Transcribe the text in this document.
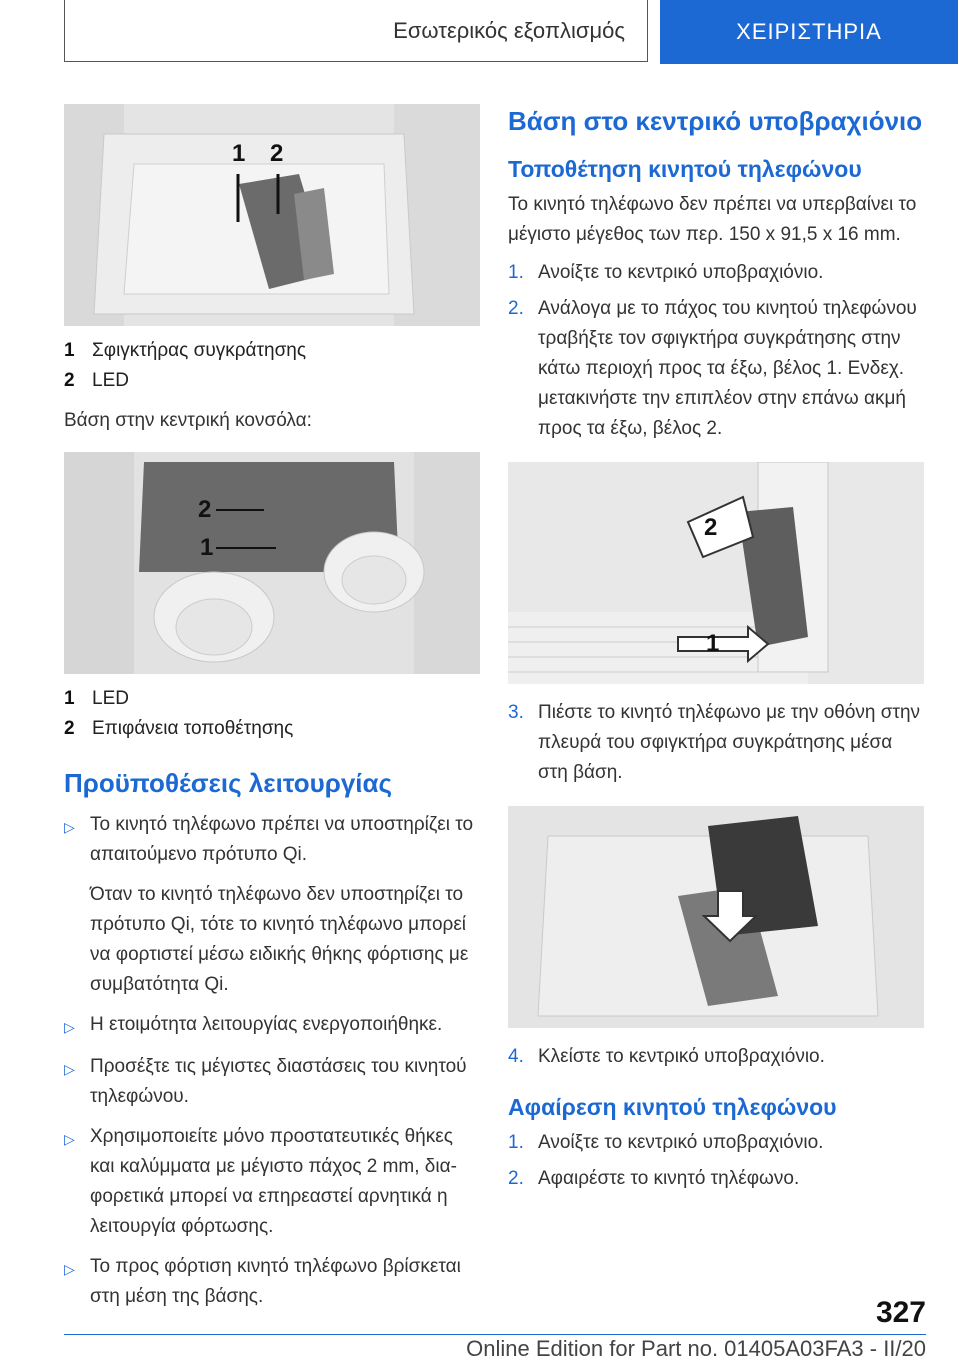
Εσωτερικός εξοπλισμός	ΧΕΙΡΙΣΤΗΡΙΑ
1 2
1 Σφιγκτήρας συγκράτησης
2 LED
Βάση στην κεντρική κονσόλα:
2
1
1 LED
2 Επιφάνεια τοποθέτησης
Προϋποθέσεις λειτουργίας
▷ Το κινητό τηλέφωνο πρέπει να υποστηρίζει το απαιτούμενο πρότυπο Qi.

Όταν το κινητό τηλέφωνο δεν υποστηρίζει το πρότυπο Qi, τότε το κινητό τηλέφωνο μπορεί να φορτιστεί μέσω ειδικής θήκης φόρτισης με συμβατότητα Qi.

▷ Η ετοιμότητα λειτουργίας ενεργοποιήθηκε.

▷ Προσέξτε τις μέγιστες διαστάσεις του κινητού τηλεφώνου.

▷ Χρησιμοποιείτε μόνο προστατευτικές θήκες και καλύμματα με μέγιστο πάχος 2 mm, διαφορετικά μπορεί να επηρεαστεί αρνητικά η λειτουργία φόρτωσης.

▷ Το προς φόρτιση κινητό τηλέφωνο βρίσκεται στη μέση της βάσης.

Βάση στο κεντρικό υποβραχιόνιο
Τοποθέτηση κινητού τηλεφώνου
Το κινητό τηλέφωνο δεν πρέπει να υπερβαίνει το μέγιστο μέγεθος των περ. 150 x 91,5 x 16 mm.
1. Ανοίξτε το κεντρικό υποβραχιόνιο.
2. Ανάλογα με το πάχος του κινητού τηλεφώνου τραβήξτε τον σφιγκτήρα συγκράτησης στην κάτω περιοχή προς τα έξω, βέλος 1. Ενδεχ. μετακινήστε την επιπλέον στην επάνω ακμή προς τα έξω, βέλος 2.
2
1
3. Πιέστε το κινητό τηλέφωνο με την οθόνη στην πλευρά του σφιγκτήρα συγκράτησης μέσα στη βάση.
4. Κλείστε το κεντρικό υποβραχιόνιο.
Αφαίρεση κινητού τηλεφώνου
1. Ανοίξτε το κεντρικό υποβραχιόνιο.
2. Αφαιρέστε το κινητό τηλέφωνο.
327
Online Edition for Part no. 01405A03FA3 - II/20
